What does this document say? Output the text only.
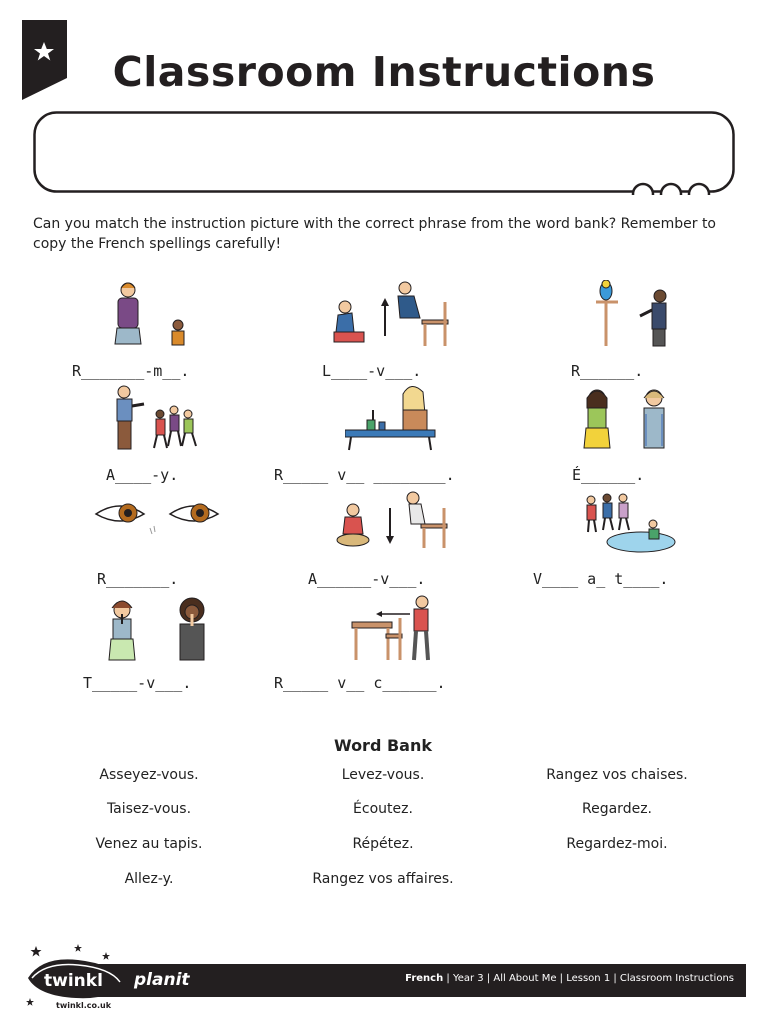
Classroom Instructions

Can you match the instruction picture with the correct phrase from the word bank? Remember to copy the French spellings carefully!

R_______-m__.	L____-v___.	R______.
A____-y.	R_____ v__ ________.	É______.
R_______.	A______-v___.	V____ a_ t____.
T_____-v___.	R_____ v__ c______.
Word Bank
Asseyez-vous.	Levez-vous.	Rangez vos chaises.
Taisez-vous.	Écoutez.	Regardez.
Venez au tapis.	Répétez.	Regardez-moi.
Allez-y.	Rangez vos affaires.
French | Year 3 | All About Me | Lesson 1 | Classroom Instructions
twinkl
twinkl.co.uk
planit
